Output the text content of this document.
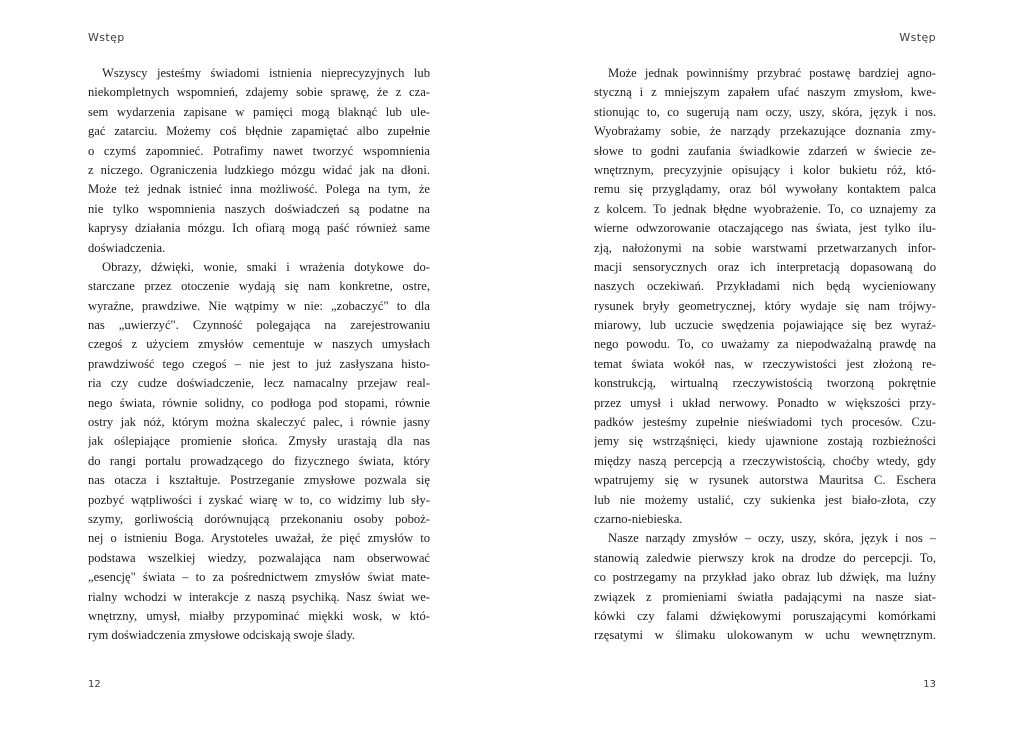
Wstęp

Wszyscy jesteśmy świadomi istnienia nieprecyzyjnych lub
niekompletnych wspomnień, zdajemy sobie sprawę, że z cza-
sem wydarzenia zapisane w pamięci mogą blaknąć lub ule-
gać zatarciu. Możemy coś błędnie zapamiętać albo zupełnie
o czymś zapomnieć. Potrafimy nawet tworzyć wspomnienia
z niczego. Ograniczenia ludzkiego mózgu widać jak na dłoni.
Może też jednak istnieć inna możliwość. Polega na tym, że
nie tylko wspomnienia naszych doświadczeń są podatne na
kaprysy działania mózgu. Ich ofiarą mogą paść również same
doświadczenia.

Obrazy, dźwięki, wonie, smaki i wrażenia dotykowe do-
starczane przez otoczenie wydają się nam konkretne, ostre,
wyraźne, prawdziwe. Nie wątpimy w nie: „zobaczyć" to dla
nas „uwierzyć". Czynność polegająca na zarejestrowaniu
czegoś z użyciem zmysłów cementuje w naszych umysłach
prawdziwość tego czegoś – nie jest to już zasłyszana histo-
ria czy cudze doświadczenie, lecz namacalny przejaw real-
nego świata, równie solidny, co podłoga pod stopami, równie
ostry jak nóż, którym można skaleczyć palec, i równie jasny
jak oślepiające promienie słońca. Zmysły urastają dla nas
do rangi portalu prowadzącego do fizycznego świata, który
nas otacza i kształtuje. Postrzeganie zmysłowe pozwala się
pozbyć wątpliwości i zyskać wiarę w to, co widzimy lub sły-
szymy, gorliwością dorównującą przekonaniu osoby poboż-
nej o istnieniu Boga. Arystoteles uważał, że pięć zmysłów to
podstawa wszelkiej wiedzy, pozwalająca nam obserwować
„esencję" świata – to za pośrednictwem zmysłów świat mate-
rialny wchodzi w interakcje z naszą psychiką. Nasz świat we-
wnętrzny, umysł, miałby przypominać miękki wosk, w któ-
rym doświadczenia zmysłowe odciskają swoje ślady.

12
Wstęp

Może jednak powinniśmy przybrać postawę bardziej agno-
styczną i z mniejszym zapałem ufać naszym zmysłom, kwe-
stionując to, co sugerują nam oczy, uszy, skóra, język i nos.
Wyobrażamy sobie, że narządy przekazujące doznania zmy-
słowe to godni zaufania świadkowie zdarzeń w świecie ze-
wnętrznym, precyzyjnie opisujący i kolor bukietu róż, któ-
remu się przyglądamy, oraz ból wywołany kontaktem palca
z kolcem. To jednak błędne wyobrażenie. To, co uznajemy za
wierne odwzorowanie otaczającego nas świata, jest tylko ilu-
zją, nałożonymi na sobie warstwami przetwarzanych infor-
macji sensorycznych oraz ich interpretacją dopasowaną do
naszych oczekiwań. Przykładami nich będą wycieniowany
rysunek bryły geometrycznej, który wydaje się nam trójwy-
miarowy, lub uczucie swędzenia pojawiające się bez wyraź-
nego powodu. To, co uważamy za niepodważalną prawdę na
temat świata wokół nas, w rzeczywistości jest złożoną re-
konstrukcją, wirtualną rzeczywistością tworzoną pokrętnie
przez umysł i układ nerwowy. Ponadto w większości przy-
padków jesteśmy zupełnie nieświadomi tych procesów. Czu-
jemy się wstrząśnięci, kiedy ujawnione zostają rozbieżności
między naszą percepcją a rzeczywistością, choćby wtedy, gdy
wpatrujemy się w rysunek autorstwa Mauritsa C. Eschera
lub nie możemy ustalić, czy sukienka jest biało-złota, czy
czarno-niebieska.

Nasze narządy zmysłów – oczy, uszy, skóra, język i nos –
stanowią zaledwie pierwszy krok na drodze do percepcji. To,
co postrzegamy na przykład jako obraz lub dźwięk, ma luźny
związek z promieniami światła padającymi na nasze siat-
kówki czy falami dźwiękowymi poruszającymi komórkami
rzęsatymi w ślimaku ulokowanym w uchu wewnętrznym.

13
